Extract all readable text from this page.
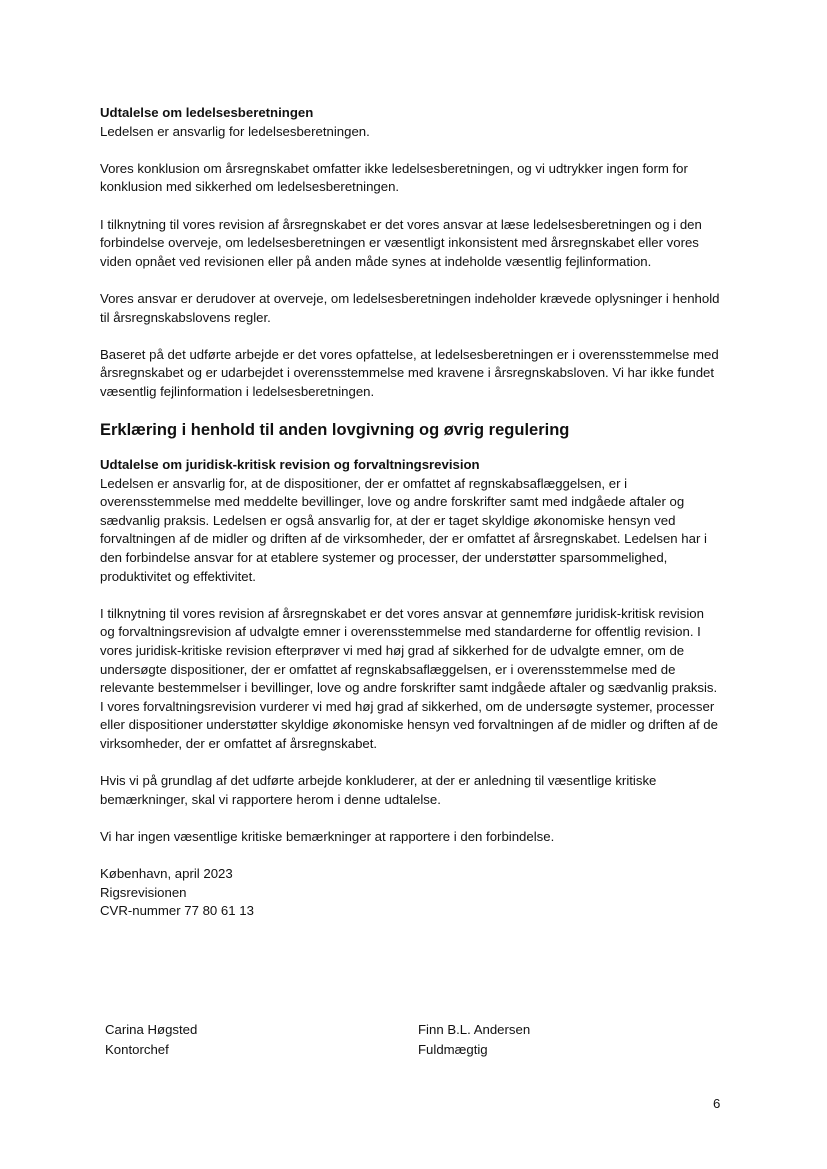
Udtalelse om ledelsesberetningen

Ledelsen er ansvarlig for ledelsesberetningen.

Vores konklusion om årsregnskabet omfatter ikke ledelsesberetningen, og vi udtrykker ingen form for konklusion med sikkerhed om ledelsesberetningen.

I tilknytning til vores revision af årsregnskabet er det vores ansvar at læse ledelsesberetningen og i den forbindelse overveje, om ledelsesberetningen er væsentligt inkonsistent med årsregnskabet eller vores viden opnået ved revisionen eller på anden måde synes at indeholde væsentlig fejlinformation.

Vores ansvar er derudover at overveje, om ledelsesberetningen indeholder krævede oplysninger i henhold til årsregnskabslovens regler.

Baseret på det udførte arbejde er det vores opfattelse, at ledelsesberetningen er i overensstemmelse med årsregnskabet og er udarbejdet i overensstemmelse med kravene i årsregnskabsloven. Vi har ikke fundet væsentlig fejlinformation i ledelsesberetningen.

Erklæring i henhold til anden lovgivning og øvrig regulering

Udtalelse om juridisk-kritisk revision og forvaltningsrevision

Ledelsen er ansvarlig for, at de dispositioner, der er omfattet af regnskabsaflæggelsen, er i overensstemmelse med meddelte bevillinger, love og andre forskrifter samt med indgåede aftaler og sædvanlig praksis. Ledelsen er også ansvarlig for, at der er taget skyldige økonomiske hensyn ved forvaltningen af de midler og driften af de virksomheder, der er omfattet af årsregnskabet. Ledelsen har i den forbindelse ansvar for at etablere systemer og processer, der understøtter sparsommelighed, produktivitet og effektivitet.

I tilknytning til vores revision af årsregnskabet er det vores ansvar at gennemføre juridisk-kritisk revision og forvaltningsrevision af udvalgte emner i overensstemmelse med standarderne for offentlig revision. I vores juridisk-kritiske revision efterprøver vi med høj grad af sikkerhed for de udvalgte emner, om de undersøgte dispositioner, der er omfattet af regnskabsaflæggelsen, er i overensstemmelse med de relevante bestemmelser i bevillinger, love og andre forskrifter samt indgåede aftaler og sædvanlig praksis. I vores forvaltningsrevision vurderer vi med høj grad af sikkerhed, om de undersøgte systemer, processer eller dispositioner understøtter skyldige økonomiske hensyn ved forvaltningen af de midler og driften af de virksomheder, der er omfattet af årsregnskabet.

Hvis vi på grundlag af det udførte arbejde konkluderer, at der er anledning til væsentlige kritiske bemærkninger, skal vi rapportere herom i denne udtalelse.

Vi har ingen væsentlige kritiske bemærkninger at rapportere i den forbindelse.

København, april 2023

Rigsrevisionen

CVR-nummer 77 80 61 13

Carina Høgsted
Kontorchef
Finn B.L. Andersen
Fuldmægtig
6
